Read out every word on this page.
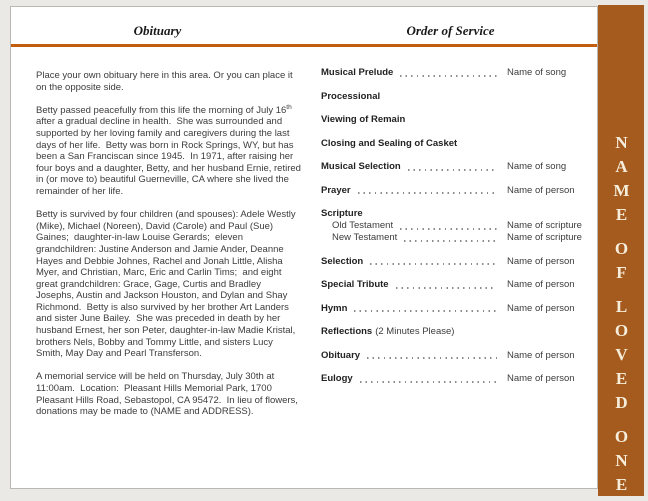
Obituary	Order of Service

Place your own obituary here in this area. Or you can place it on the opposite side.

Betty passed peacefully from this life the morning of July 16th after a gradual decline in health.  She was surrounded and supported by her loving family and caregivers during the last days of her life.  Betty was born in Rock Springs, WY, but has been a San Franciscan since 1945.  In 1971, after raising her four boys and a daughter, Betty, and her husband Ernie, retired in (or move to) beautiful Guerneville, CA where she lived the remainder of her life.

Betty is survived by four children (and spouses): Adele Westly (Mike), Michael (Noreen), David (Carole) and Paul (Sue) Gaines;  daughter-in-law Louise Gerards;  eleven grandchildren: Justine Anderson and Jamie Ander, Deanne Hayes and Debbie Johnes, Rachel and Jonah Little, Alisha Myer, and Christian, Marc, Eric and Carlin Tims;  and eight great grandchildren: Grace, Gage, Curtis and Bradley Josephs, Austin and Jackson Houston, and Dylan and Shay Richmond.  Betty is also survived by her brother Art Landers and sister June Bailey.  She was preceded in death by her husband Ernest, her son Peter, daughter-in-law Madie Kristal, brothers Nels, Bobby and Tommy Little, and sisters Lucy Smith, May Day and Pearl Transferson.

A memorial service will be held on Thursday, July 30th at 11:00am.  Location:  Pleasant Hills Memorial Park, 1700 Pleasant Hills Road, Sebastopol, CA 95472.  In lieu of flowers, donations may be made to (NAME and ADDRESS).

Musical Prelude	Name of song
Processional
Viewing of Remain
Closing and Sealing of Casket
Musical Selection	Name of song
Prayer	Name of person
Scripture
Old Testament	Name of scripture
New Testament	Name of scripture
Selection	Name of person
Special Tribute	Name of person
Hymn	Name of person
Reflections (2 Minutes Please)
Obituary	Name of person
Eulogy	Name of person
NAME
OF
LOVED
ONE
